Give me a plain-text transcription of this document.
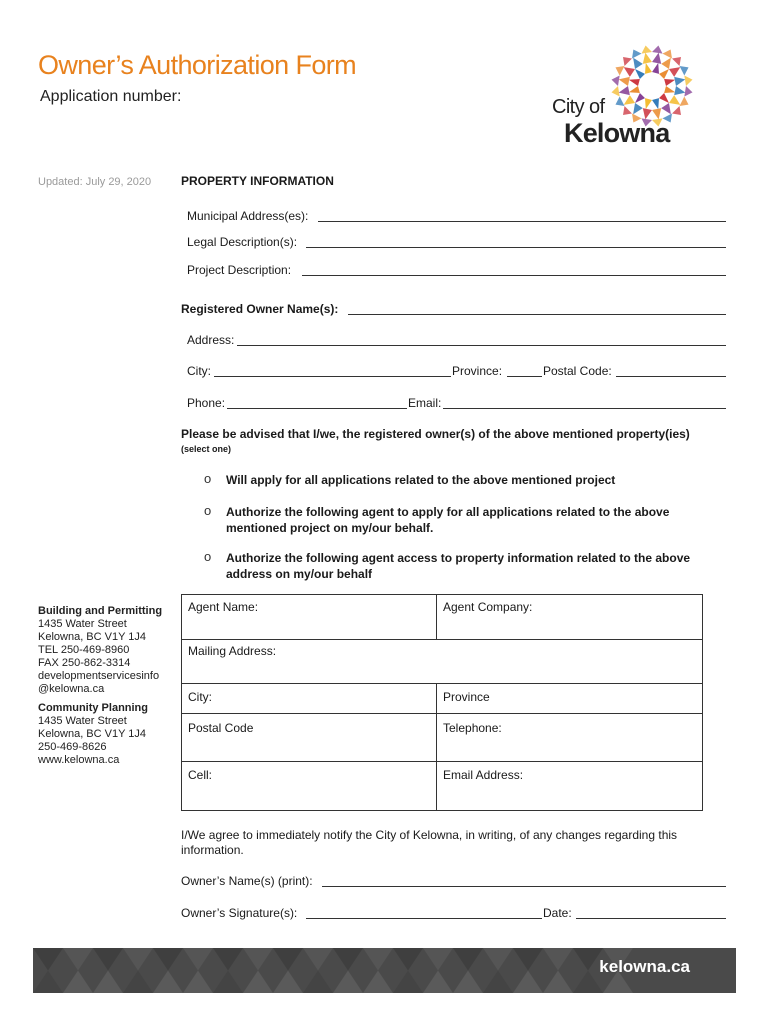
Owner’s Authorization Form
Application number:	City of
Kelowna
Updated: July 29, 2020 PROPERTY INFORMATION
Municipal Address(es):
Legal Description(s):
Project Description:
Registered Owner Name(s):
Address:
City:	Province:	Postal Code:
Phone:	Email:
Please be advised that I/we, the registered owner(s) of the above mentioned property(ies)
(select one)
o Will apply for all applications related to the above mentioned project
o Authorize the following agent to apply for all applications related to the above mentioned project on my/our behalf.
o Authorize the following agent access to property information related to the above address on my/our behalf
Building and Permitting
1435 Water Street
Kelowna, BC V1Y 1J4
TEL 250-469-8960
FAX 250-862-3314
developmentservicesinfo
@kelowna.ca
Community Planning
1435 Water Street
Kelowna, BC V1Y 1J4
250-469-8626
www.kelowna.ca
Agent Name:	Agent Company:
Mailing Address:
City:	Province
Postal Code	Telephone:
Cell:	Email Address:
I/We agree to immediately notify the City of Kelowna, in writing, of any changes regarding this information.
Owner’s Name(s) (print):
Owner’s Signature(s):	Date:
kelowna.ca
